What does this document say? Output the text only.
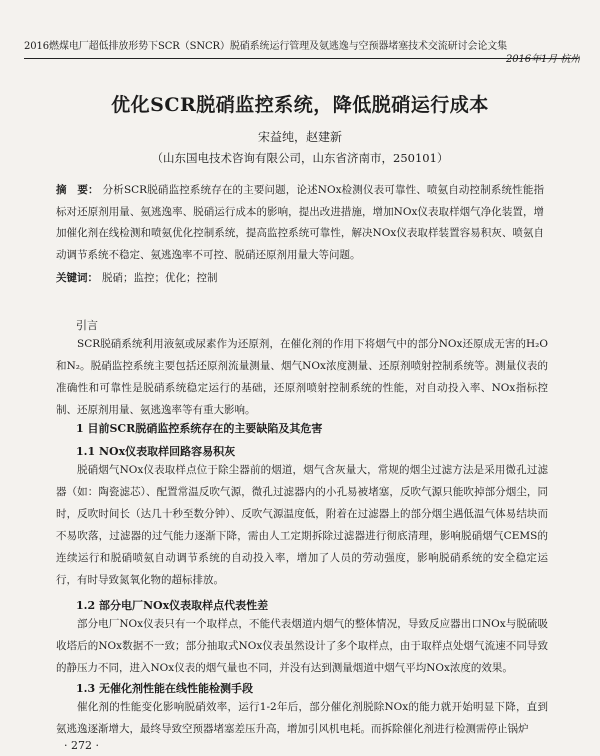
2016燃煤电厂超低排放形势下SCR（SNCR）脱硝系统运行管理及氨逃逸与空预器堵塞技术交流研讨会论文集
2016年1月 杭州
优化SCR脱硝监控系统，降低脱硝运行成本
宋益纯，赵建新
（山东国电技术咨询有限公司，山东省济南市，250101）
摘　要： 分析SCR脱硝监控系统存在的主要问题，论述NOx检测仪表可靠性、喷氨自动控制系统性能指标对还原剂用量、氨逃逸率、脱硝运行成本的影响，提出改进措施，增加NOx仪表取样烟气净化装置，增加催化剂在线检测和喷氨优化控制系统，提高监控系统可靠性，解决NOx仪表取样装置容易积灰、喷氨自动调节系统不稳定、氨逃逸率不可控、脱硝还原剂用量大等问题。
关键词： 脱硝；监控；优化；控制
引言
SCR脱硝系统利用液氨或尿素作为还原剂，在催化剂的作用下将烟气中的部分NOx还原成无害的H₂O和N₂。脱硝监控系统主要包括还原剂流量测量、烟气NOx浓度测量、还原剂喷射控制系统等。测量仪表的准确性和可靠性是脱硝系统稳定运行的基础，还原剂喷射控制系统的性能，对自动投入率、NOx指标控制、还原剂用量、氨逃逸率等有重大影响。
1 目前SCR脱硝监控系统存在的主要缺陷及其危害
1.1 NOx仪表取样回路容易积灰
脱硝烟气NOx仪表取样点位于除尘器前的烟道，烟气含灰量大，常规的烟尘过滤方法是采用微孔过滤器（如：陶瓷滤芯）、配置常温反吹气源，微孔过滤器内的小孔易被堵塞，反吹气源只能吹掉部分烟尘，同时，反吹时间长（达几十秒至数分钟）、反吹气源温度低，附着在过滤器上的部分烟尘遇低温气体易结块而不易吹落，过滤器的过气能力逐渐下降，需由人工定期拆除过滤器进行彻底清理，影响脱硝烟气CEMS的连续运行和脱硝喷氨自动调节系统的自动投入率，增加了人员的劳动强度，影响脱硝系统的安全稳定运行，有时导致氮氧化物的超标排放。
1.2 部分电厂NOx仪表取样点代表性差
部分电厂NOx仪表只有一个取样点，不能代表烟道内烟气的整体情况，导致反应器出口NOx与脱硫吸收塔后的NOx数据不一致；部分抽取式NOx仪表虽然设计了多个取样点，由于取样点处烟气流速不同导致的静压力不同，进入NOx仪表的烟气量也不同，并没有达到测量烟道中烟气平均NOx浓度的效果。
1.3 无催化剂性能在线性能检测手段
催化剂的性能变化影响脱硝效率，运行1-2年后，部分催化剂脱除NOx的能力就开始明显下降，直到氨逃逸逐渐增大，最终导致空预器堵塞差压升高，增加引风机电耗。而拆除催化剂进行检测需停止锅炉
· 272 ·
